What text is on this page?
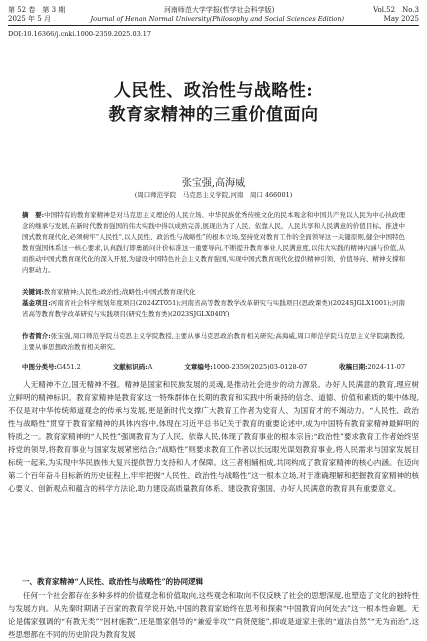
第 52 卷　第 3 期	河南师范大学学报(哲学社会科学版)	Vol.52　No.3
2025 年 5 月	Journal of Henan Normal University(Philosophy and Social Sciences Edition)	May 2025
DOI:10.16366/j.cnki.1000-2359.2025.03.17
人民性、政治性与战略性:
教育家精神的三重价值面向
张宝强,高海威
(周口师范学院　马克思主义学院,河南　周口 466001)
摘　要:中国特有的教育家精神是对马克思主义理论的人民立场、中华民族优秀传统文化的民本观念和中国共产党以人民为中心执政理念的继承与发展,在新时代教育强国的伟大实践中得以成熟完善,展现出为了人民、依靠人民、人民共享和人民满意的价值目标。推进中国式教育现代化,必须树牢“人民性”,以人民性、政治性与战略性”的根本立场,坚持党对教育工作的全面领导这一关键原则,健全中国特色教育强国体系这一核心要求,认真践行即勇循问计价标准这一重要导向,不断提升教育事业人民满意度,以伟大实践的精神内涵与价值,从而推动中国式教育现代化的深入开展,为建设中国特色社会主义教育强国,实现中国式教育现代化提供精神引领、价值导向、精神支撑和内驱动力。
关键词:教育家精神;人民性;政治性;战略性;中国式教育现代化
基金项目:河南省社会科学规划年度项目(2024ZT051);河南省高等教育教学改革研究与实践项目(思政课类)(2024SJGLX1001);河南省高等教育教学改革研究与实践项目(研究生教育类)(2023SJGLX040Y)
作者简介:张宝强,周口师范学院马克思主义学院教授,主要从事马克思政治教育相关研究;高海威,周口师范学院马克思主义学院副教授,主要从事思想政治教育相关研究。
中图分类号:G451.2	文献标识码:A	文章编号:1000-2359(2025)03-0128-07	收稿日期:2024-11-07

人无精神不立,国无精神不强。精神是国家和民族发展的灵魂,是推动社会进步的动力源泉。办好人民满意的教育,理应树立鲜明的精神标识。教育家精神是教育家这一特殊群体在长期的教育和实践中所秉持的信念、道德、价值和素质的集中体现,不仅是对中华传统师道观念的传承与发展,更是新时代支撑广大教育工作者为党育人、为国育才的不竭动力。“人民性、政治性与战略性”贯穿于教育家精神的具体内容中,体现在习近平总书记关于教育的重要论述中,成为中国特有教育家精神最鲜明的特质之一。教育家精神的“人民性”强调教育为了人民、依靠人民,体现了教育事业的根本宗旨;“政治性”要求教育工作者始终坚持党的领导,将教育事业与国家发展紧密结合;“战略性”则要求教育工作者以长远眼光谋划教育事业,将人民需求与国家发展目标统一起来,为实现中华民族伟大复兴提供智力支持和人才保障。这三者相辅相成,共同构成了教育家精神的核心内涵。在迈向第二个百年奋斗目标新的历史征程上,牢牢把握“人民性、政治性与战略性”这一根本立场,对于准确理解和把握教育家精神的核心要义、创新观点和蕴含的科学方法论,助力建设高质量教育体系、建设教育强国、办好人民满意的教育具有重要意义。

一、教育家精神“人民性、政治性与战略性”的协同逻辑

任何一个社会都存在多种多样的价值观念和价值取向,这些观念和取向不仅反映了社会的思想深度,也塑造了文化的独特性与发展方向。从先秦时期诸子百家的教育学说开始,中国的教育家始终在思考和探索“中国教育向何处去”这一根本性命题。无论是儒家强调的“有教无类”“因材施教”,还是墨家倡导的“兼爱非攻”“尚贤使能”,抑或是道家主张的“道法自然”“无为而治”,这些思想都在不同的历史阶段为教育发展
